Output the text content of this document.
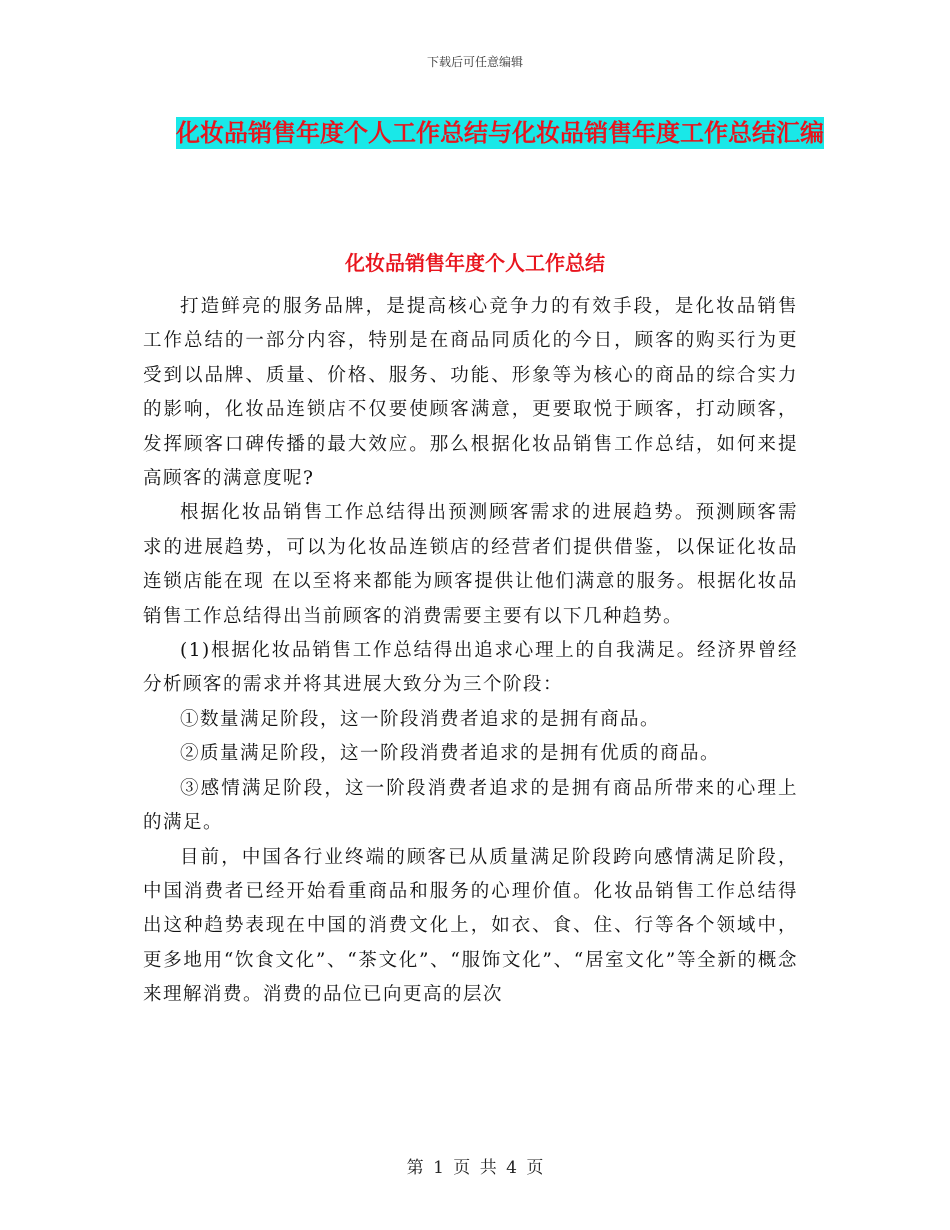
下载后可任意编辑
化妆品销售年度个人工作总结与化妆品销售年度工作总结汇编
化妆品销售年度个人工作总结

打造鲜亮的服务品牌，是提高核心竞争力的有效手段，是化妆品销售工作总结的一部分内容，特别是在商品同质化的今日，顾客的购买行为更受到以品牌、质量、价格、服务、功能、形象等为核心的商品的综合实力的影响，化妆品连锁店不仅要使顾客满意，更要取悦于顾客，打动顾客，发挥顾客口碑传播的最大效应。那么根据化妆品销售工作总结，如何来提高顾客的满意度呢?

根据化妆品销售工作总结得出预测顾客需求的进展趋势。预测顾客需求的进展趋势，可以为化妆品连锁店的经营者们提供借鉴，以保证化妆品连锁店能在现 在以至将来都能为顾客提供让他们满意的服务。根据化妆品销售工作总结得出当前顾客的消费需要主要有以下几种趋势。

(1)根据化妆品销售工作总结得出追求心理上的自我满足。经济界曾经分析顾客的需求并将其进展大致分为三个阶段：

①数量满足阶段，这一阶段消费者追求的是拥有商品。

②质量满足阶段，这一阶段消费者追求的是拥有优质的商品。

③感情满足阶段，这一阶段消费者追求的是拥有商品所带来的心理上的满足。

目前，中国各行业终端的顾客已从质量满足阶段跨向感情满足阶段，中国消费者已经开始看重商品和服务的心理价值。化妆品销售工作总结得出这种趋势表现在中国的消费文化上，如衣、食、住、行等各个领域中，更多地用“饮食文化”、“茶文化”、“服饰文化”、“居室文化”等全新的概念来理解消费。消费的品位已向更高的层次

第 1 页 共 4 页
